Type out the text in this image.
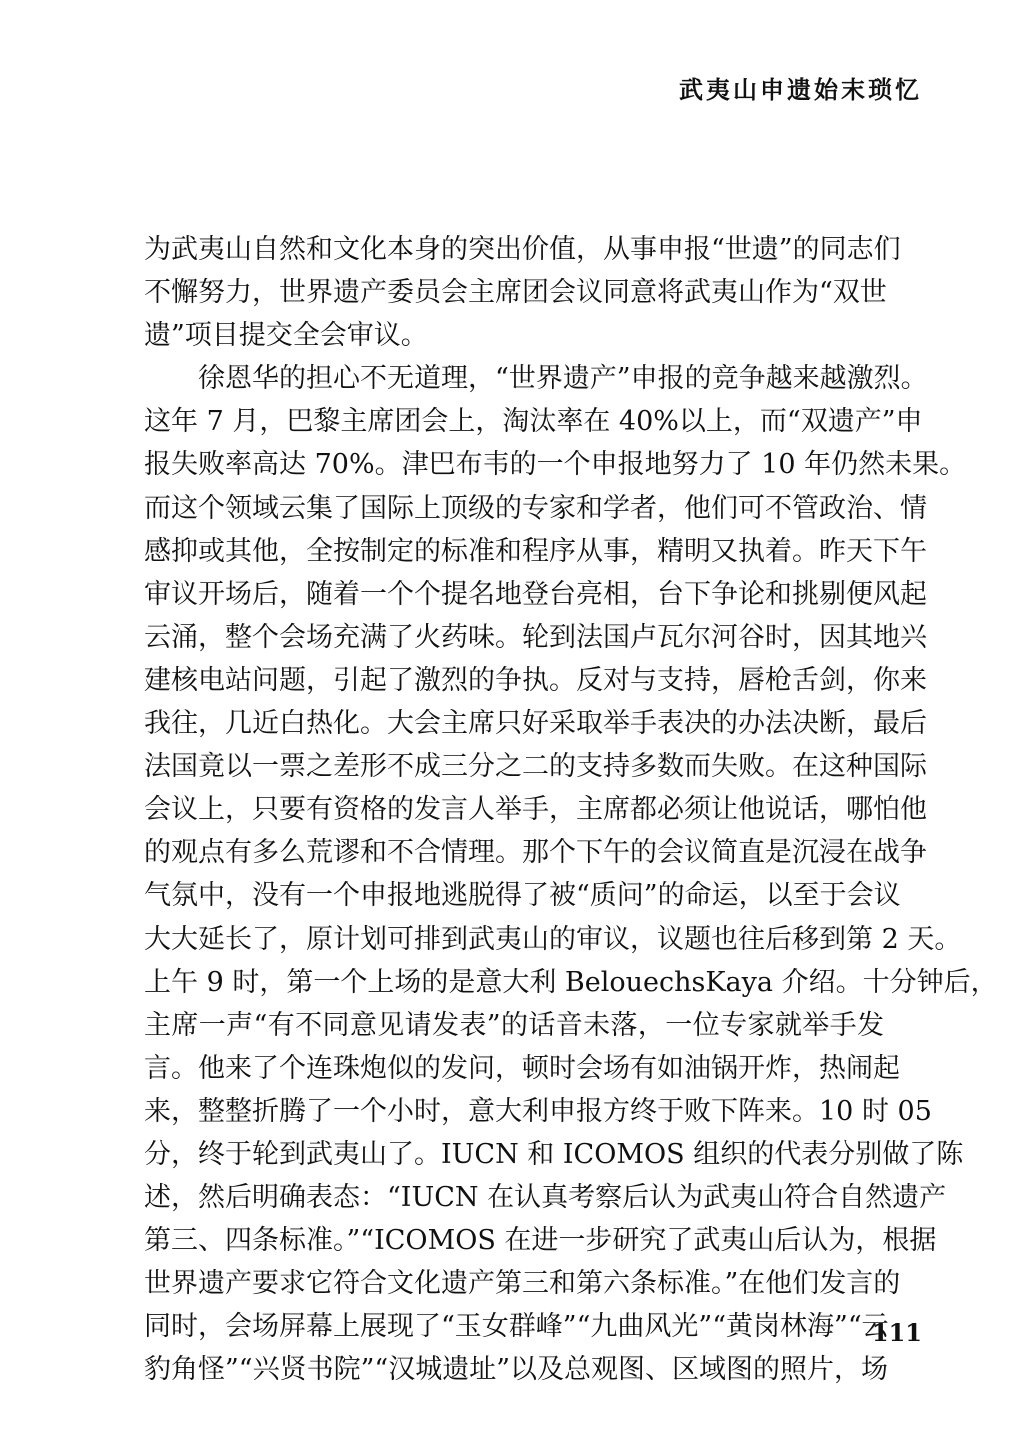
武夷山申遗始末琐忆
为武夷山自然和文化本身的突出价值，从事申报“世遗”的同志们
不懈努力，世界遗产委员会主席团会议同意将武夷山作为“双世
遗”项目提交全会审议。
　　徐恩华的担心不无道理，“世界遗产”申报的竞争越来越激烈。
这年 7 月，巴黎主席团会上，淘汰率在 40%以上，而“双遗产”申
报失败率高达 70%。津巴布韦的一个申报地努力了 10 年仍然未果。
而这个领域云集了国际上顶级的专家和学者，他们可不管政治、情
感抑或其他，全按制定的标准和程序从事，精明又执着。昨天下午
审议开场后，随着一个个提名地登台亮相，台下争论和挑剔便风起
云涌，整个会场充满了火药味。轮到法国卢瓦尔河谷时，因其地兴
建核电站问题，引起了激烈的争执。反对与支持，唇枪舌剑，你来
我往，几近白热化。大会主席只好采取举手表决的办法决断，最后
法国竟以一票之差形不成三分之二的支持多数而失败。在这种国际
会议上，只要有资格的发言人举手，主席都必须让他说话，哪怕他
的观点有多么荒谬和不合情理。那个下午的会议简直是沉浸在战争
气氛中，没有一个申报地逃脱得了被“质问”的命运，以至于会议
大大延长了，原计划可排到武夷山的审议，议题也往后移到第 2 天。
上午 9 时，第一个上场的是意大利 BelouechsKaya 介绍。十分钟后，
主席一声“有不同意见请发表”的话音未落，一位专家就举手发
言。他来了个连珠炮似的发问，顿时会场有如油锅开炸，热闹起
来，整整折腾了一个小时，意大利申报方终于败下阵来。10 时 05
分，终于轮到武夷山了。IUCN 和 ICOMOS 组织的代表分别做了陈
述，然后明确表态：“IUCN 在认真考察后认为武夷山符合自然遗产
第三、四条标准。”“ICOMOS 在进一步研究了武夷山后认为，根据
世界遗产要求它符合文化遗产第三和第六条标准。”在他们发言的
同时，会场屏幕上展现了“玉女群峰”“九曲风光”“黄岗林海”“云
豹角怪”“兴贤书院”“汉城遗址”以及总观图、区域图的照片，场
111
